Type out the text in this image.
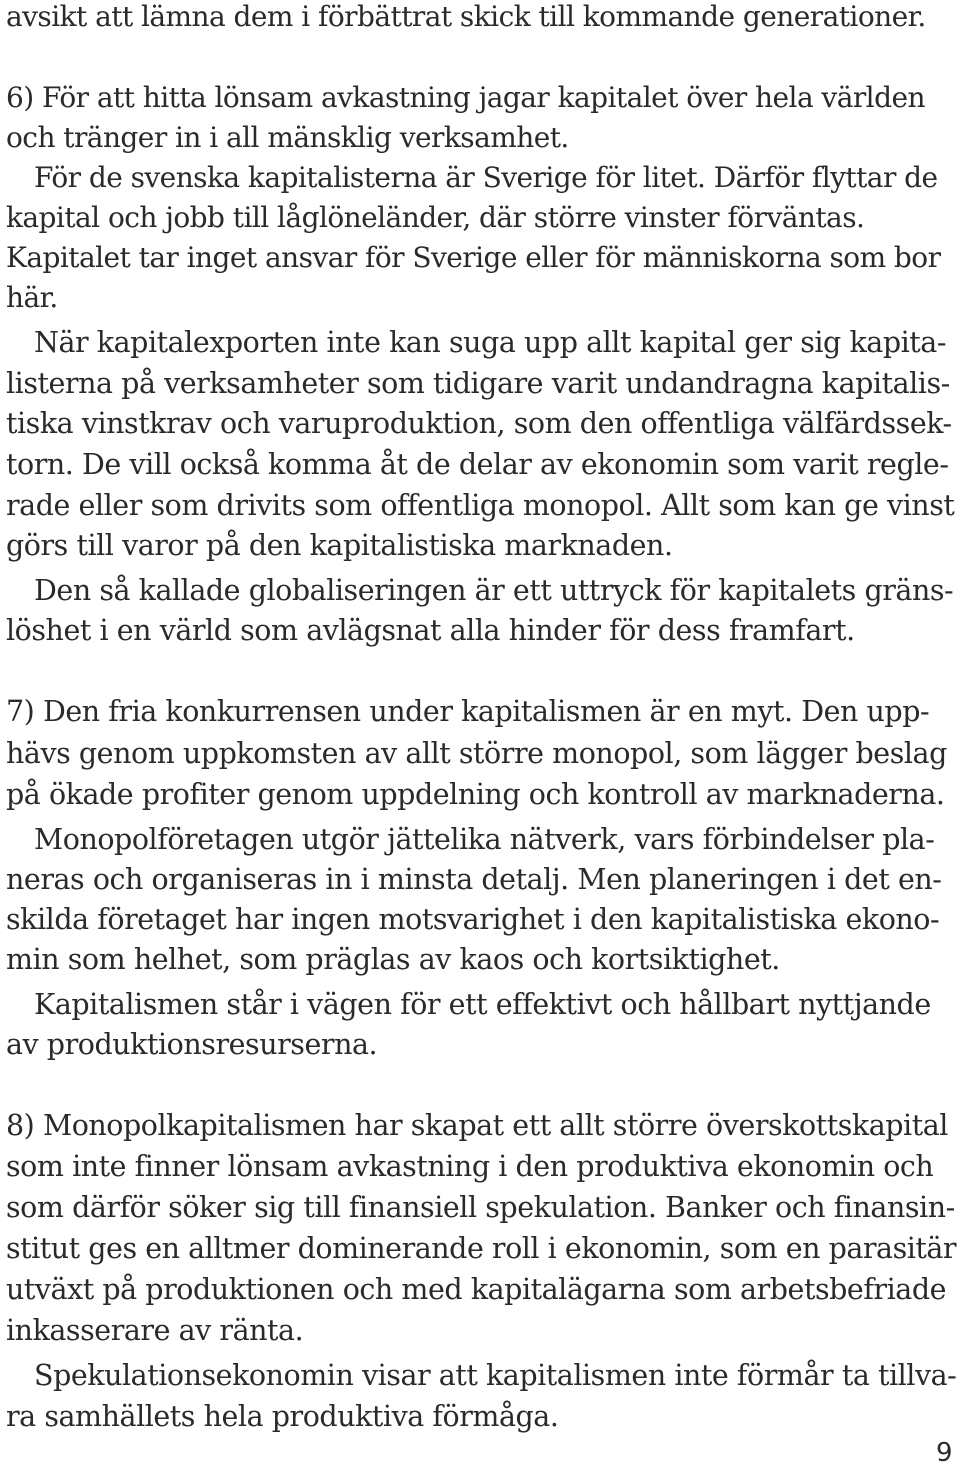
avsikt att lämna dem i förbättrat skick till kommande generationer.
6) För att hitta lönsam avkastning jagar kapitalet över hela världen
och tränger in i all mänsklig verksamhet.
För de svenska kapitalisterna är Sverige för litet. Därför flyttar de
kapital och jobb till låglöneländer, där större vinster förväntas.
Kapitalet tar inget ansvar för Sverige eller för människorna som bor
här.
När kapitalexporten inte kan suga upp allt kapital ger sig kapita-
listerna på verksamheter som tidigare varit undandragna kapitalis-
tiska vinstkrav och varuproduktion, som den offentliga välfärdssek-
torn. De vill också komma åt de delar av ekonomin som varit regle-
rade eller som drivits som offentliga monopol. Allt som kan ge vinst
görs till varor på den kapitalistiska marknaden.
Den så kallade globaliseringen är ett uttryck för kapitalets gräns-
löshet i en värld som avlägsnat alla hinder för dess framfart.
7) Den fria konkurrensen under kapitalismen är en myt. Den upp-
hävs genom uppkomsten av allt större monopol, som lägger beslag
på ökade profiter genom uppdelning och kontroll av marknaderna.
Monopolföretagen utgör jättelika nätverk, vars förbindelser pla-
neras och organiseras in i minsta detalj. Men planeringen i det en-
skilda företaget har ingen motsvarighet i den kapitalistiska ekono-
min som helhet, som präglas av kaos och kortsiktighet.
Kapitalismen står i vägen för ett effektivt och hållbart nyttjande
av produktionsresurserna.
8) Monopolkapitalismen har skapat ett allt större överskottskapital
som inte finner lönsam avkastning i den produktiva ekonomin och
som därför söker sig till finansiell spekulation. Banker och finansin-
stitut ges en alltmer dominerande roll i ekonomin, som en parasitär
utväxt på produktionen och med kapitalägarna som arbetsbefriade
inkasserare av ränta.
Spekulationsekonomin visar att kapitalismen inte förmår ta tillva-
ra samhällets hela produktiva förmåga.
9
